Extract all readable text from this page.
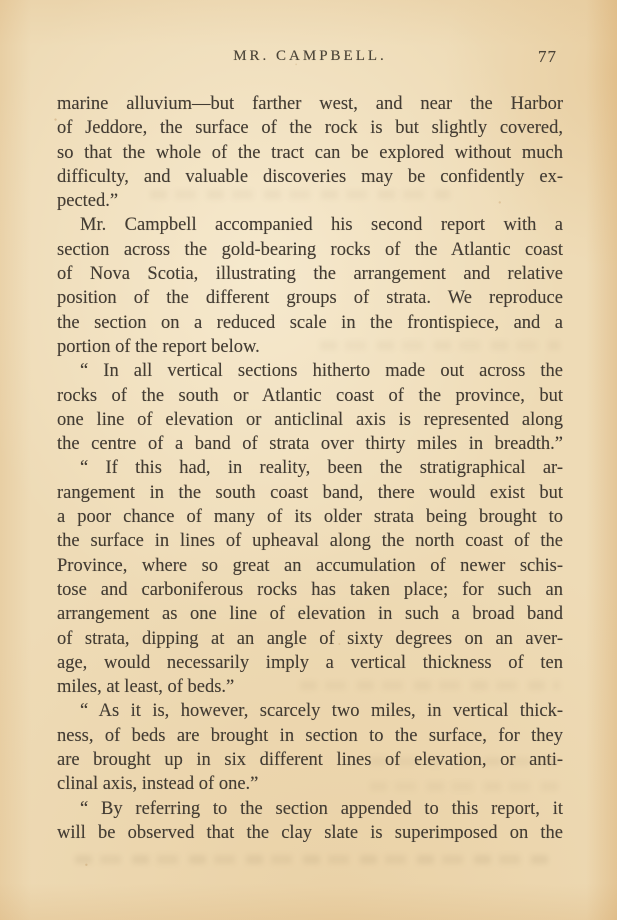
MR. CAMPBELL.	77
marine alluvium—but farther west, and near the Harbor
of Jeddore, the surface of the rock is but slightly covered,
so that the whole of the tract can be explored without much
difficulty, and valuable discoveries may be confidently ex-
pected.”
Mr. Campbell accompanied his second report with a
section across the gold-bearing rocks of the Atlantic coast
of Nova Scotia, illustrating the arrangement and relative
position of the different groups of strata. We reproduce
the section on a reduced scale in the frontispiece, and a
portion of the report below.
“ In all vertical sections hitherto made out across the
rocks of the south or Atlantic coast of the province, but
one line of elevation or anticlinal axis is represented along
the centre of a band of strata over thirty miles in breadth.”
“ If this had, in reality, been the stratigraphical ar-
rangement in the south coast band, there would exist but
a poor chance of many of its older strata being brought to
the surface in lines of upheaval along the north coast of the
Province, where so great an accumulation of newer schis-
tose and carboniferous rocks has taken place; for such an
arrangement as one line of elevation in such a broad band
of strata, dipping at an angle of sixty degrees on an aver-
age, would necessarily imply a vertical thickness of ten
miles, at least, of beds.”
“ As it is, however, scarcely two miles, in vertical thick-
ness, of beds are brought in section to the surface, for they
are brought up in six different lines of elevation, or anti-
clinal axis, instead of one.”
“ By referring to the section appended to this report, it
will be observed that the clay slate is superimposed on the
